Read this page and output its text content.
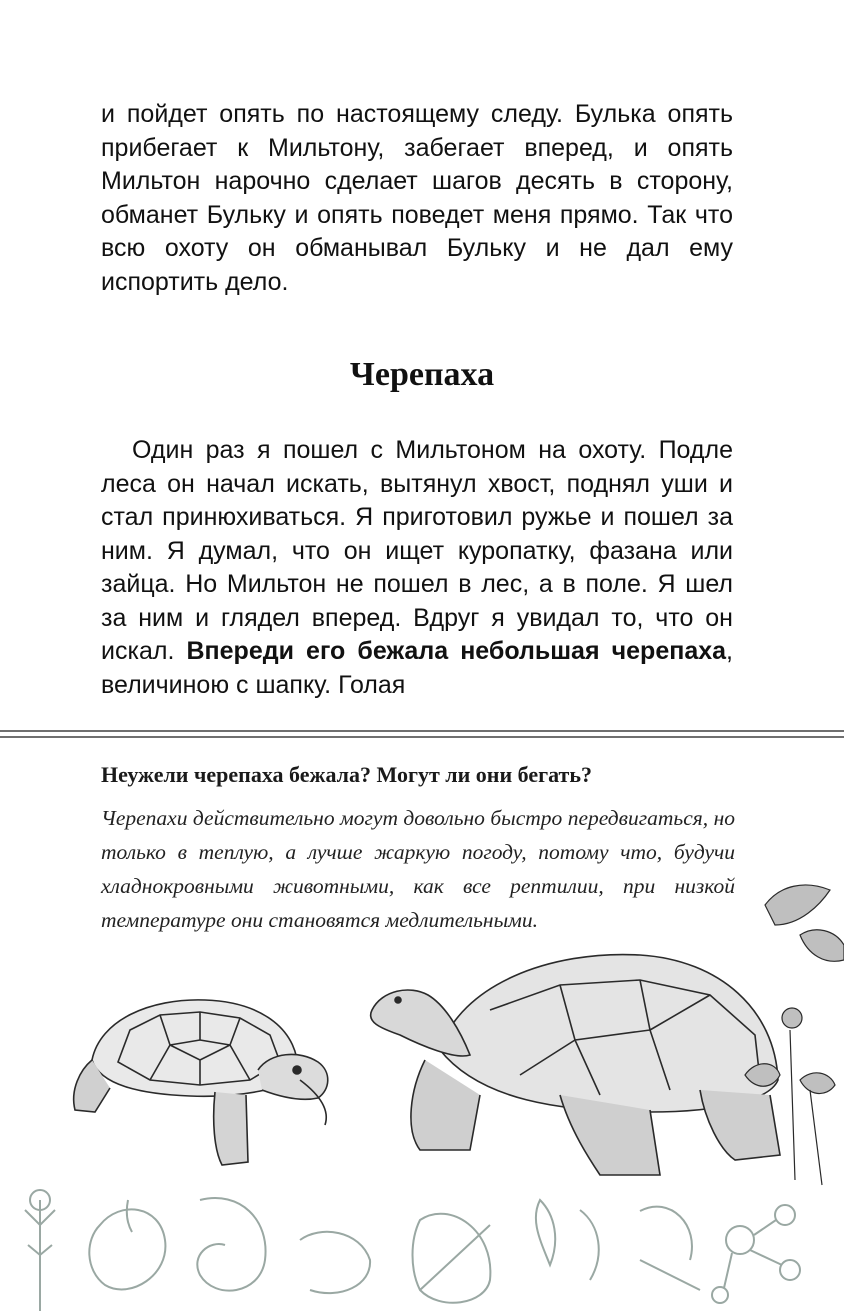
и пойдет опять по настоящему следу. Булька опять прибегает к Мильтону, забегает вперед, и опять Мильтон нарочно сделает шагов десять в сторону, обманет Бульку и опять поведет меня прямо. Так что всю охоту он обманывал Бульку и не дал ему испортить дело.

Черепаха
Один раз я пошел с Мильтоном на охоту. Подле леса он начал искать, вытянул хвост, поднял уши и стал принюхиваться. Я приготовил ружье и пошел за ним. Я думал, что он ищет куропатку, фазана или зайца. Но Мильтон не пошел в лес, а в поле. Я шел за ним и глядел вперед. Вдруг я увидал то, что он искал. Впереди его бежала небольшая черепаха, величиною с шапку. Голая
Неужели черепаха бежала? Могут ли они бегать?
Черепахи действительно могут довольно быстро передвигаться, но только в теплую, а лучше жаркую погоду, потому что, будучи хладнокровными животными, как все рептилии, при низкой температуре они становятся медлительными.
